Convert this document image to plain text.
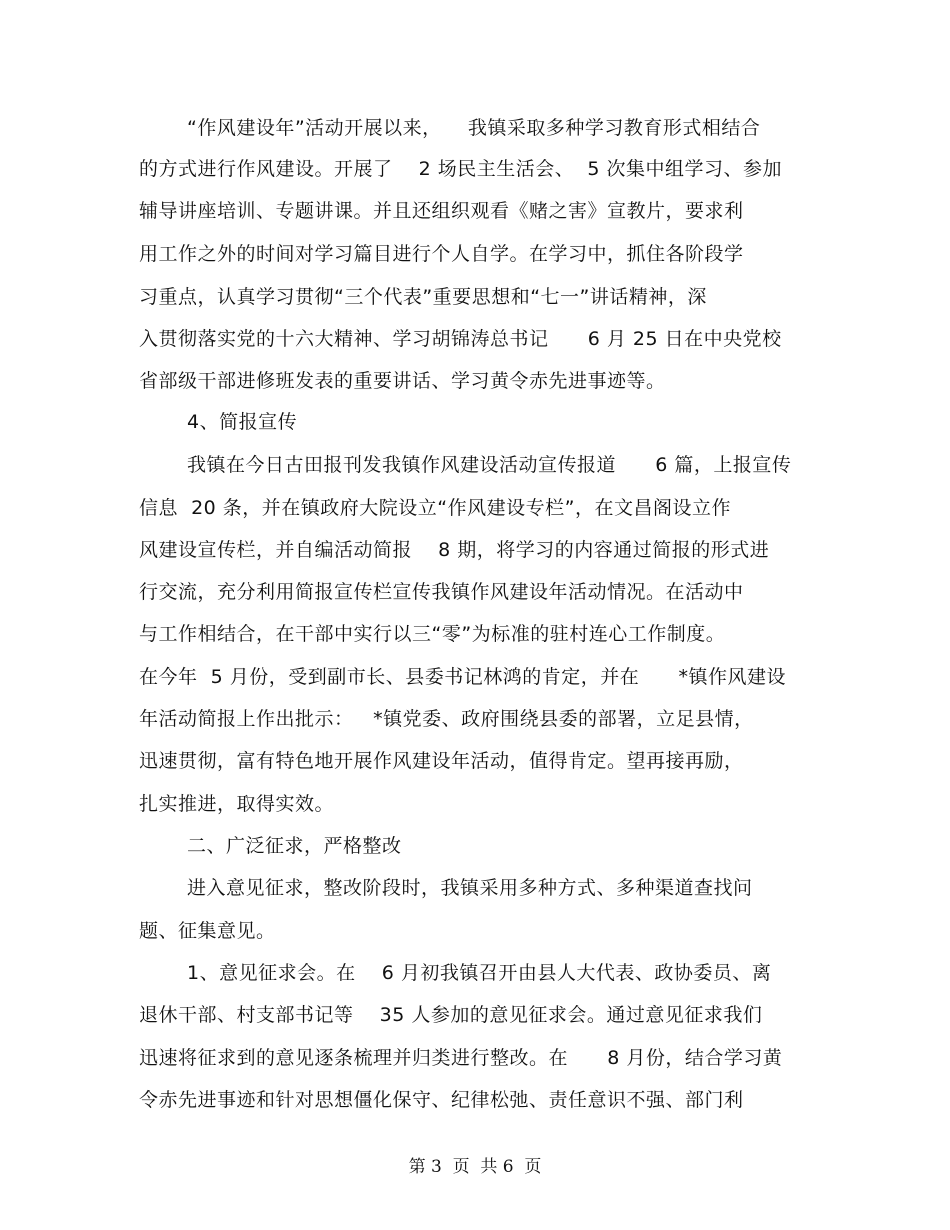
“作风建设年”活动开展以来，    我镇采取多种学习教育形式相结合
的方式进行作风建设。开展了    2 场民主生活会、  5 次集中组学习、参加
辅导讲座培训、专题讲课。并且还组织观看《赌之害》宣教片，要求利
用工作之外的时间对学习篇目进行个人自学。在学习中，抓住各阶段学
习重点，认真学习贯彻“三个代表”重要思想和“七一”讲话精神，深
入贯彻落实党的十六大精神、学习胡锦涛总书记      6 月 25 日在中央党校
省部级干部进修班发表的重要讲话、学习黄令赤先进事迹等。
4、简报宣传
我镇在今日古田报刊发我镇作风建设活动宣传报道      6 篇，上报宣传
信息  20 条，并在镇政府大院设立“作风建设专栏”，在文昌阁设立作
风建设宣传栏，并自编活动简报    8 期，将学习的内容通过简报的形式进
行交流，充分利用简报宣传栏宣传我镇作风建设年活动情况。在活动中
与工作相结合，在干部中实行以三“零”为标准的驻村连心工作制度。
在今年  5 月份，受到副市长、县委书记林鸿的肯定，并在      *镇作风建设
年活动简报上作出批示：   *镇党委、政府围绕县委的部署，立足县情，
迅速贯彻，富有特色地开展作风建设年活动，值得肯定。望再接再励，
扎实推进，取得实效。
二、广泛征求，严格整改
进入意见征求，整改阶段时，我镇采用多种方式、多种渠道查找问
题、征集意见。
1、意见征求会。在    6 月初我镇召开由县人大代表、政协委员、离
退休干部、村支部书记等    35 人参加的意见征求会。通过意见征求我们
迅速将征求到的意见逐条梳理并归类进行整改。在      8 月份，结合学习黄
令赤先进事迹和针对思想僵化保守、纪律松弛、责任意识不强、部门利
第 3  页  共 6  页
